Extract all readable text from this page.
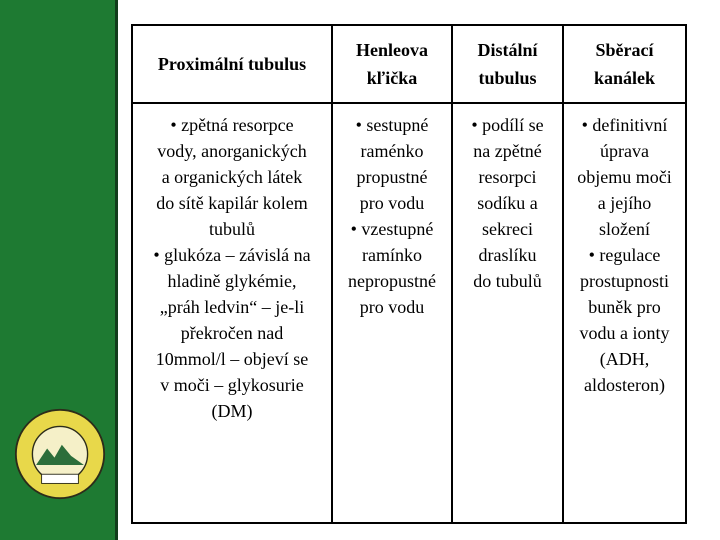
Proximální tubulus
Henleova kľička
Distální tubulus
Sběrací kanálek
• zpětná resorpce
vody, anorganických
a organických látek
do sítě kapilár kolem
tubulů
• glukóza – závislá na
hladině glykémie,
„práh ledvin“ – je-li
překročen nad
10mmol/l – objeví se
v moči – glykosurie
(DM)
• sestupné
raménko
propustné
pro vodu
• vzestupné
ramínko
nepropustné
pro vodu
• podílí se
na zpětné
resorpci
sodíku a
sekreci
draslíku
do tubulů
• definitivní
úprava
objemu moči
a jejího
složení
• regulace
prostupnosti
buněk pro
vodu a ionty
(ADH,
aldosteron)
